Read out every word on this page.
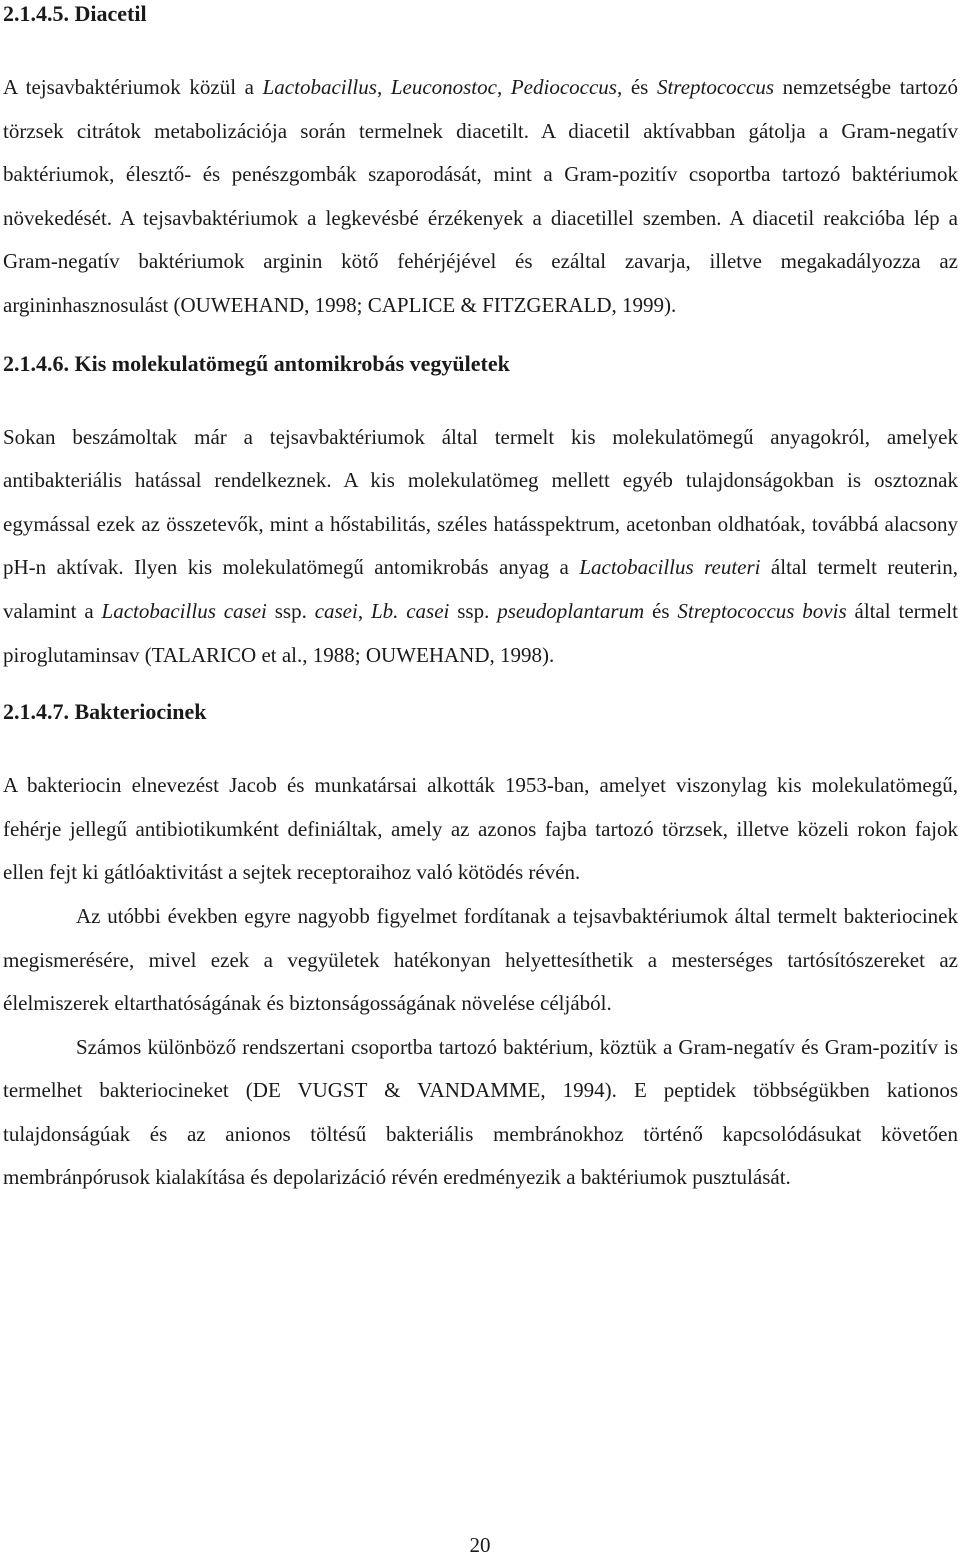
2.1.4.5. Diacetil

A tejsavbaktériumok közül a Lactobacillus, Leuconostoc, Pediococcus, és Streptococcus nemzetségbe tartozó törzsek citrátok metabolizációja során termelnek diacetilt. A diacetil aktívabban gátolja a Gram-negatív baktériumok, élesztő- és penészgombák szaporodását, mint a Gram-pozitív csoportba tartozó baktériumok növekedését. A tejsavbaktériumok a legkevésbé érzékenyek a diacetillel szemben. A diacetil reakcióba lép a Gram-negatív baktériumok arginin kötő fehérjéjével és ezáltal zavarja, illetve megakadályozza az argininhasznosulást (OUWEHAND, 1998; CAPLICE & FITZGERALD, 1999).

2.1.4.6. Kis molekulatömegű antomikrobás vegyületek

Sokan beszámoltak már a tejsavbaktériumok által termelt kis molekulatömegű anyagokról, amelyek antibakteriális hatással rendelkeznek. A kis molekulatömeg mellett egyéb tulajdonságokban is osztoznak egymással ezek az összetevők, mint a hőstabilitás, széles hatásspektrum, acetonban oldhatóak, továbbá alacsony pH-n aktívak. Ilyen kis molekulatömegű antomikrobás anyag a Lactobacillus reuteri által termelt reuterin, valamint a Lactobacillus casei ssp. casei, Lb. casei ssp. pseudoplantarum és Streptococcus bovis által termelt piroglutaminsav (TALARICO et al., 1988; OUWEHAND, 1998).

2.1.4.7. Bakteriocinek

A bakteriocin elnevezést Jacob és munkatársai alkották 1953-ban, amelyet viszonylag kis molekulatömegű, fehérje jellegű antibiotikumként definiáltak, amely az azonos fajba tartozó törzsek, illetve közeli rokon fajok ellen fejt ki gátlóaktivitást a sejtek receptoraihoz való kötödés révén.

Az utóbbi években egyre nagyobb figyelmet fordítanak a tejsavbaktériumok által termelt bakteriocinek megismerésére, mivel ezek a vegyületek hatékonyan helyettesíthetik a mesterséges tartósítószereket az élelmiszerek eltarthatóságának és biztonságosságának növelése céljából.

Számos különböző rendszertani csoportba tartozó baktérium, köztük a Gram-negatív és Gram-pozitív is termelhet bakteriocineket (DE VUGST & VANDAMME, 1994). E peptidek többségükben kationos tulajdonságúak és az anionos töltésű bakteriális membránokhoz történő kapcsolódásukat követően membránpórusok kialakítása és depolarizáció révén eredményezik a baktériumok pusztulását.

20
